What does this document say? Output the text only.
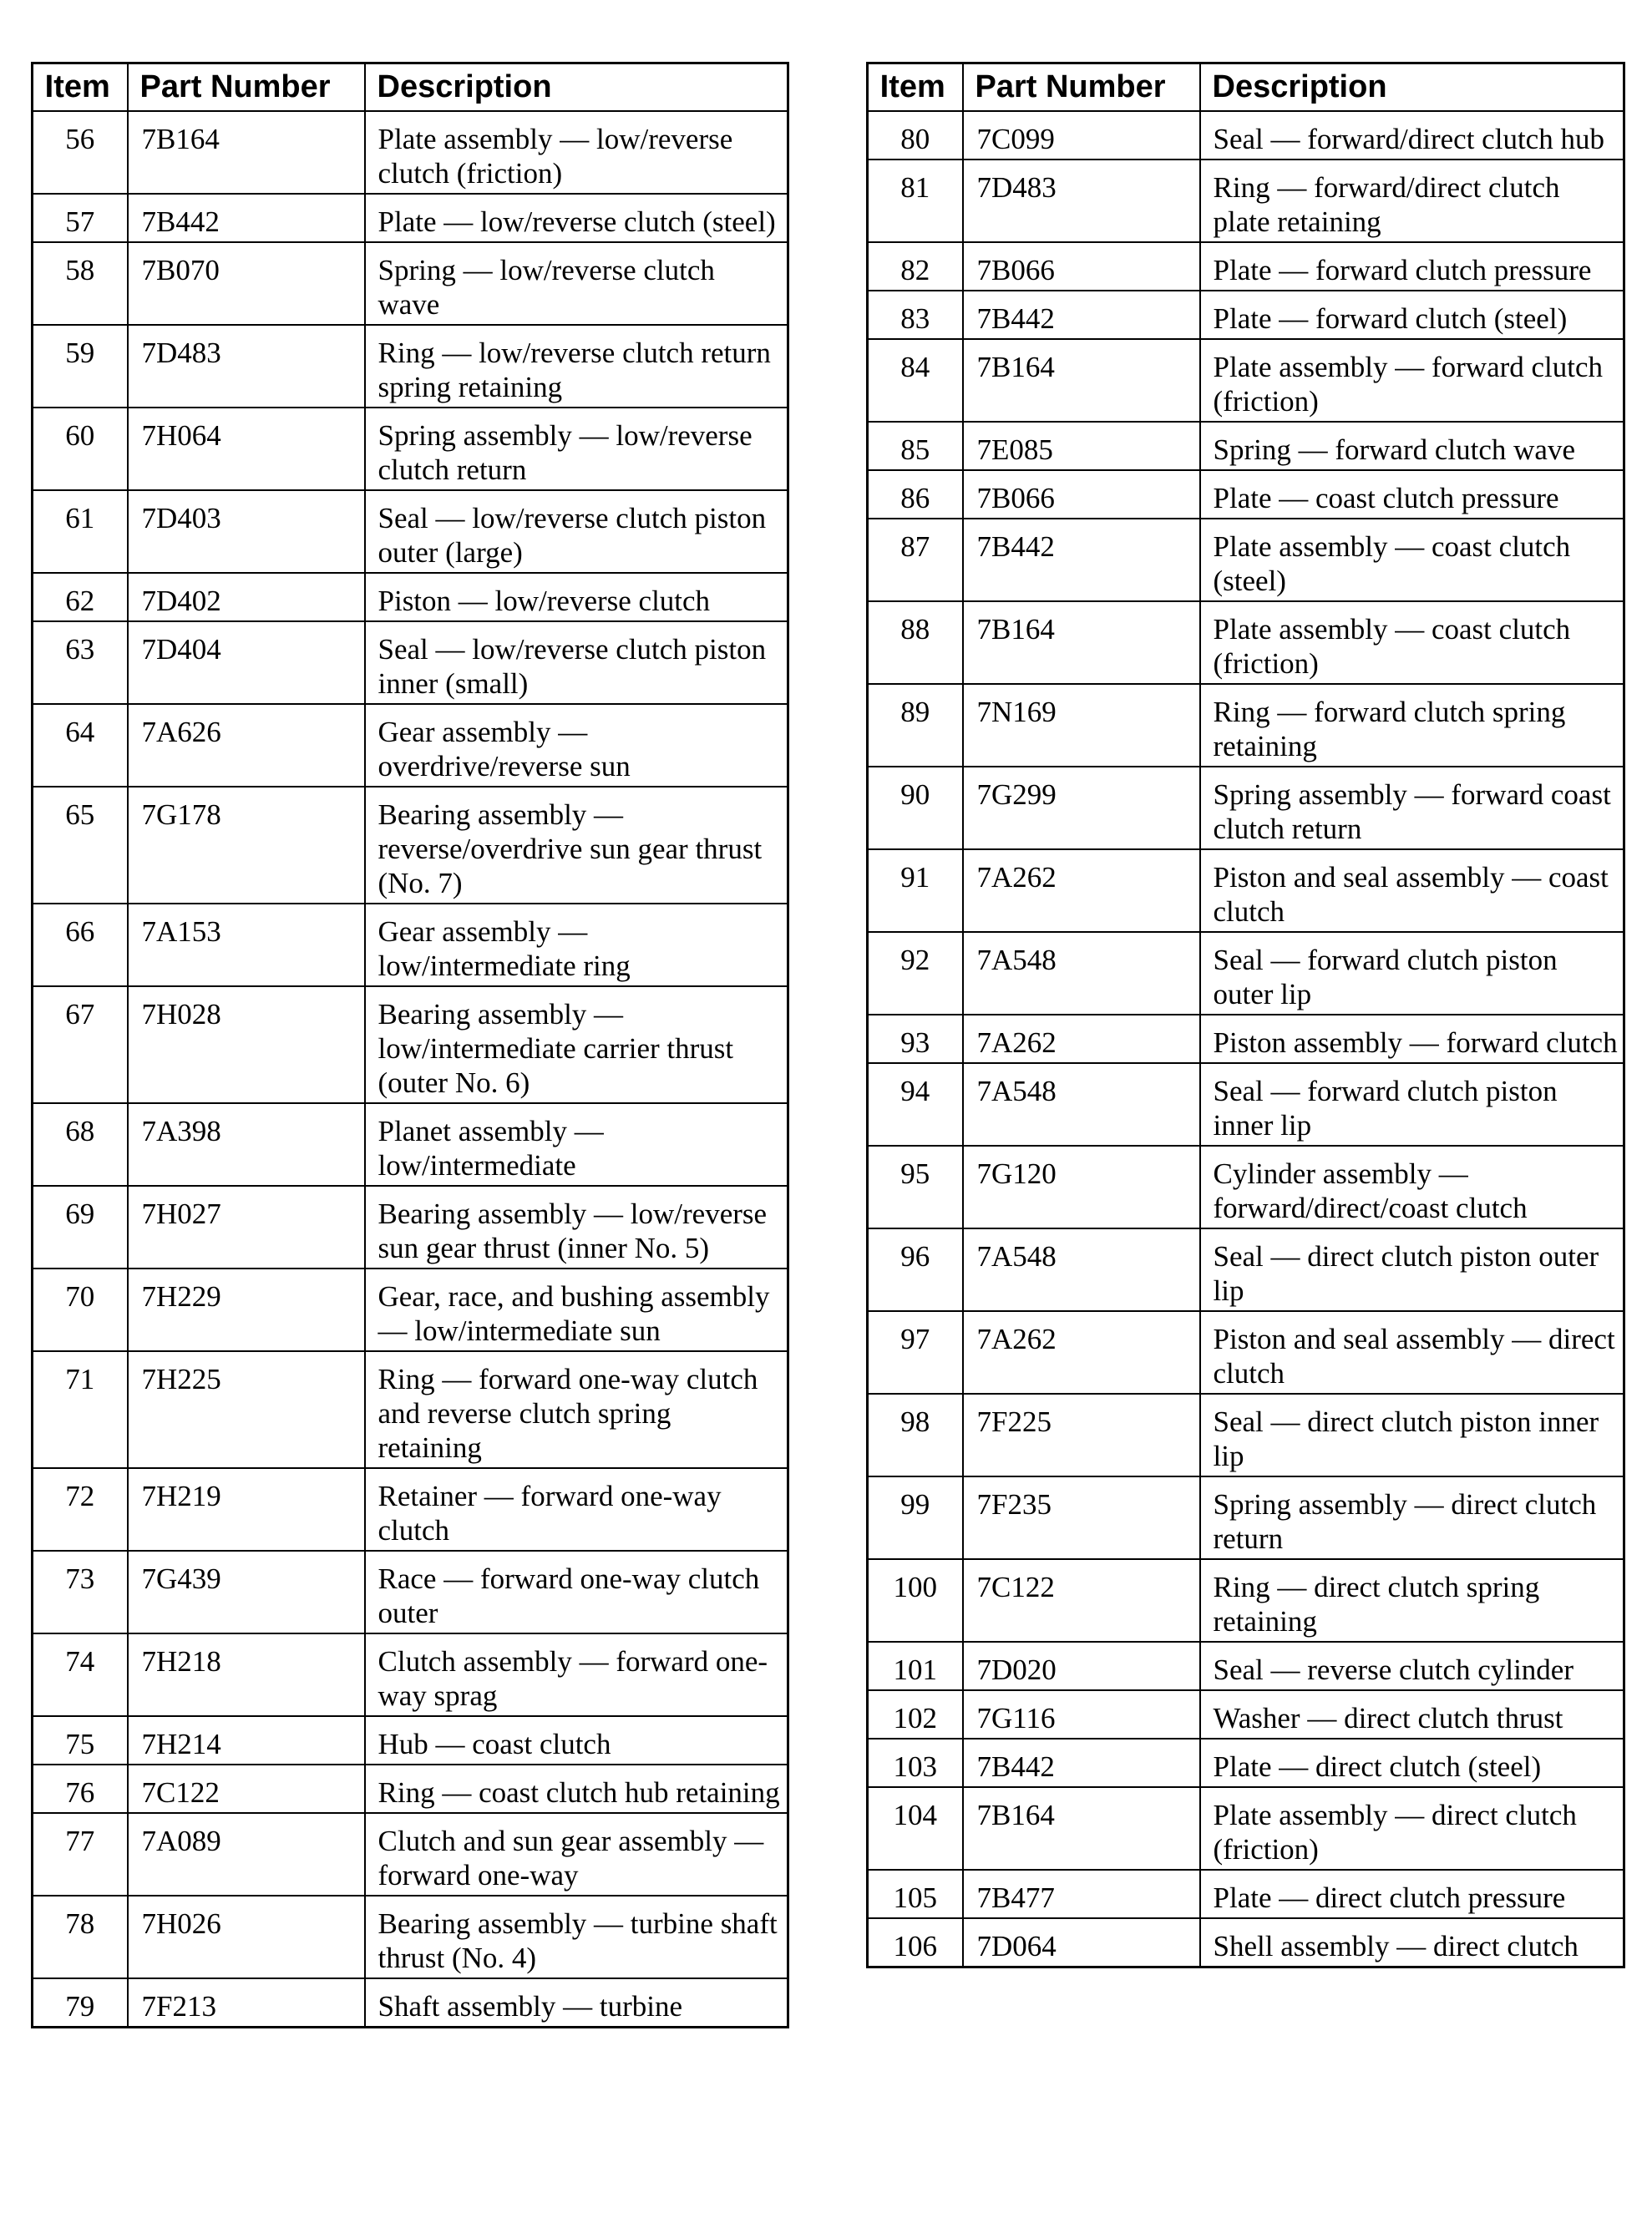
Item	Part Number	Description
56	7B164	Plate assembly — low/reverse clutch (friction)
57	7B442	Plate — low/reverse clutch (steel)
58	7B070	Spring — low/reverse clutch wave
59	7D483	Ring — low/reverse clutch return spring retaining
60	7H064	Spring assembly — low/reverse clutch return
61	7D403	Seal — low/reverse clutch piston outer (large)
62	7D402	Piston — low/reverse clutch
63	7D404	Seal — low/reverse clutch piston inner (small)
64	7A626	Gear assembly — overdrive/reverse sun
65	7G178	Bearing assembly — reverse/overdrive sun gear thrust (No. 7)
66	7A153	Gear assembly — low/intermediate ring
67	7H028	Bearing assembly — low/intermediate carrier thrust (outer No. 6)
68	7A398	Planet assembly — low/intermediate
69	7H027	Bearing assembly — low/reverse sun gear thrust (inner No. 5)
70	7H229	Gear, race, and bushing assembly — low/intermediate sun
71	7H225	Ring — forward one-way clutch and reverse clutch spring retaining
72	7H219	Retainer — forward one-way clutch
73	7G439	Race — forward one-way clutch outer
74	7H218	Clutch assembly — forward one-way sprag
75	7H214	Hub — coast clutch
76	7C122	Ring — coast clutch hub retaining
77	7A089	Clutch and sun gear assembly — forward one-way
78	7H026	Bearing assembly — turbine shaft thrust (No. 4)
79	7F213	Shaft assembly — turbine
Item	Part Number	Description
80	7C099	Seal — forward/direct clutch hub
81	7D483	Ring — forward/direct clutch plate retaining
82	7B066	Plate — forward clutch pressure
83	7B442	Plate — forward clutch (steel)
84	7B164	Plate assembly — forward clutch (friction)
85	7E085	Spring — forward clutch wave
86	7B066	Plate — coast clutch pressure
87	7B442	Plate assembly — coast clutch (steel)
88	7B164	Plate assembly — coast clutch (friction)
89	7N169	Ring — forward clutch spring retaining
90	7G299	Spring assembly — forward coast clutch return
91	7A262	Piston and seal assembly — coast clutch
92	7A548	Seal — forward clutch piston outer lip
93	7A262	Piston assembly — forward clutch
94	7A548	Seal — forward clutch piston inner lip
95	7G120	Cylinder assembly — forward/direct/coast clutch
96	7A548	Seal — direct clutch piston outer lip
97	7A262	Piston and seal assembly — direct clutch
98	7F225	Seal — direct clutch piston inner lip
99	7F235	Spring assembly — direct clutch return
100	7C122	Ring — direct clutch spring retaining
101	7D020	Seal — reverse clutch cylinder
102	7G116	Washer — direct clutch thrust
103	7B442	Plate — direct clutch (steel)
104	7B164	Plate assembly — direct clutch (friction)
105	7B477	Plate — direct clutch pressure
106	7D064	Shell assembly — direct clutch
